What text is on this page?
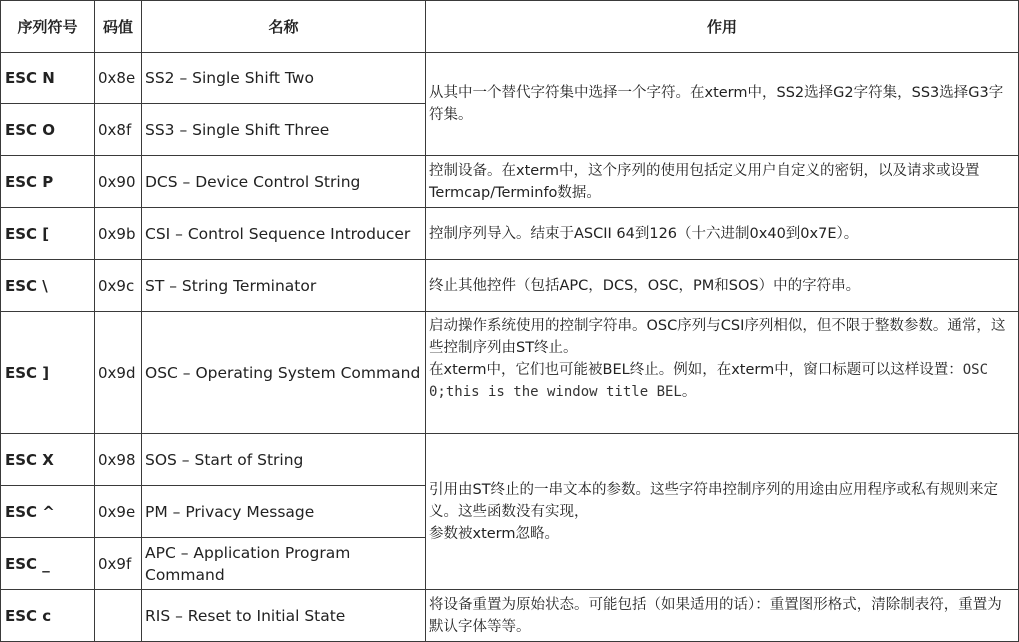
序列符号	码值	名称	作用
ESC N	0x8e	SS2 – Single Shift Two	从其中一个替代字符集中选择一个字符。在xterm中，SS2选择G2字符集，SS3选择G3字符集。
ESC O	0x8f	SS3 – Single Shift Three	
ESC P	0x90	DCS – Device Control String	控制设备。在xterm中，这个序列的使用包括定义用户自定义的密钥，以及请求或设置Termcap/Terminfo数据。
ESC [	0x9b	CSI – Control Sequence Introducer	控制序列导入。结束于ASCII 64到126（十六进制0x40到0x7E）。
ESC \	0x9c	ST – String Terminator	终止其他控件（包括APC，DCS，OSC，PM和SOS）中的字符串。
ESC ]	0x9d	OSC – Operating System Command	启动操作系统使用的控制字符串。OSC序列与CSI序列相似，但不限于整数参数。通常，这些控制序列由ST终止。
在xterm中，它们也可能被BEL终止。例如，在xterm中，窗口标题可以这样设置：OSC 0;this is the window title BEL。
ESC X	0x98	SOS – Start of String	引用由ST终止的一串文本的参数。这些字符串控制序列的用途由应用程序或私有规则来定义。这些函数没有实现，
参数被xterm忽略。

ESC ^	0x9e	PM – Privacy Message	
ESC _	0x9f	APC – Application Program Command	
ESC c		RIS – Reset to Initial State	将设备重置为原始状态。可能包括（如果适用的话）：重置图形格式，清除制表符，重置为默认字体等等。
